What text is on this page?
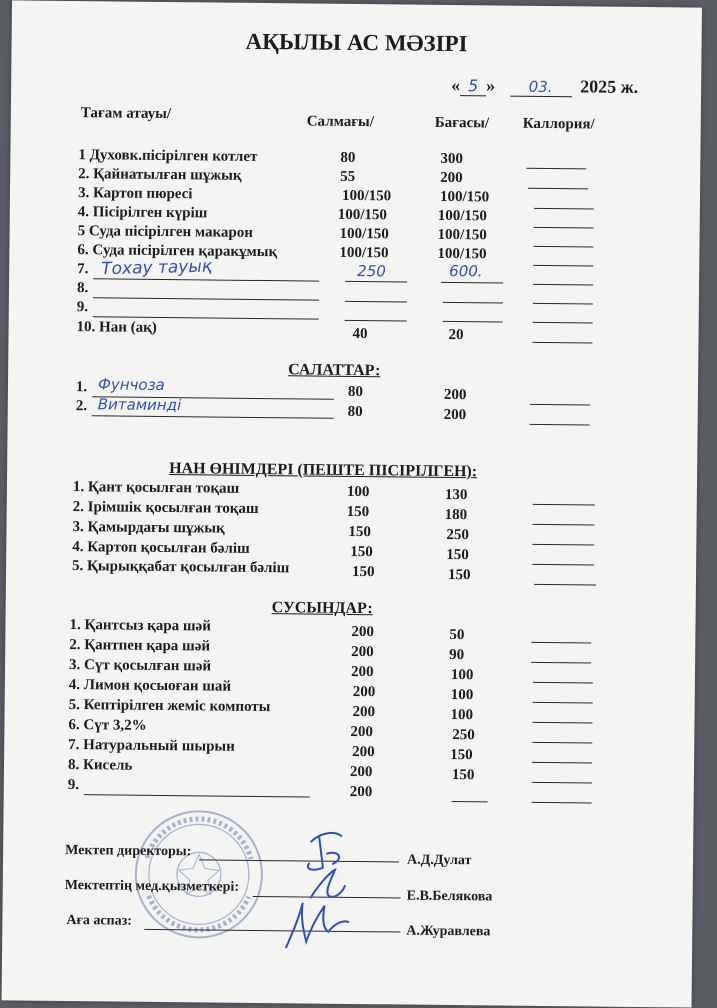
АҚЫЛЫ АС МӘЗІРІ
« 5 » 03. 2025 ж.
Тағам атауы/	Салмағы/	Бағасы/ Каллория/
1 Духовк.пісірілген котлет	80	300
2. Қайнатылған шұжық	55	200
3. Картоп пюресі	100/150	100/150
4. Пісірілген күріш	100/150	100/150
5 Суда пісірілген макарон	100/150	100/150
6. Суда пісірілген қаракұмық	100/150	100/150
7. Тохау тауық	250	600.
8.
9.
10. Нан (ақ)	40	20
САЛАТТАР:
1. Фунчоза	80	200
2. Витаминді	80	200
НАН ӨНІМДЕРІ (ПЕШТЕ ПІСІРІЛГЕН):
1. Қант қосылған тоқаш	100	130
2. Ірімшік қосылған тоқаш	150	180
3. Қамырдағы шұжық	150	250
4. Картоп қосылған бәліш	150	150
5. Қырыққабат қосылған бәліш	150	150
СУСЫНДАР:
1. Қантсыз қара шәй	200	50
2. Қантпен қара шәй	200	90
3. Сүт қосылған шәй	200	100
4. Лимон қосыоған шай	200	100
5. Кептірілген жеміс компоты	200	100
6. Сүт 3,2%	200	250
7. Натуральный шырын	200	150
8. Кисель	200	150
9.	200
Мектеп директоры:
А.Д.Дулат
Мектептің мед.қызметкері:
Е.В.Белякова
Аға аспаз:
А.Журавлева
